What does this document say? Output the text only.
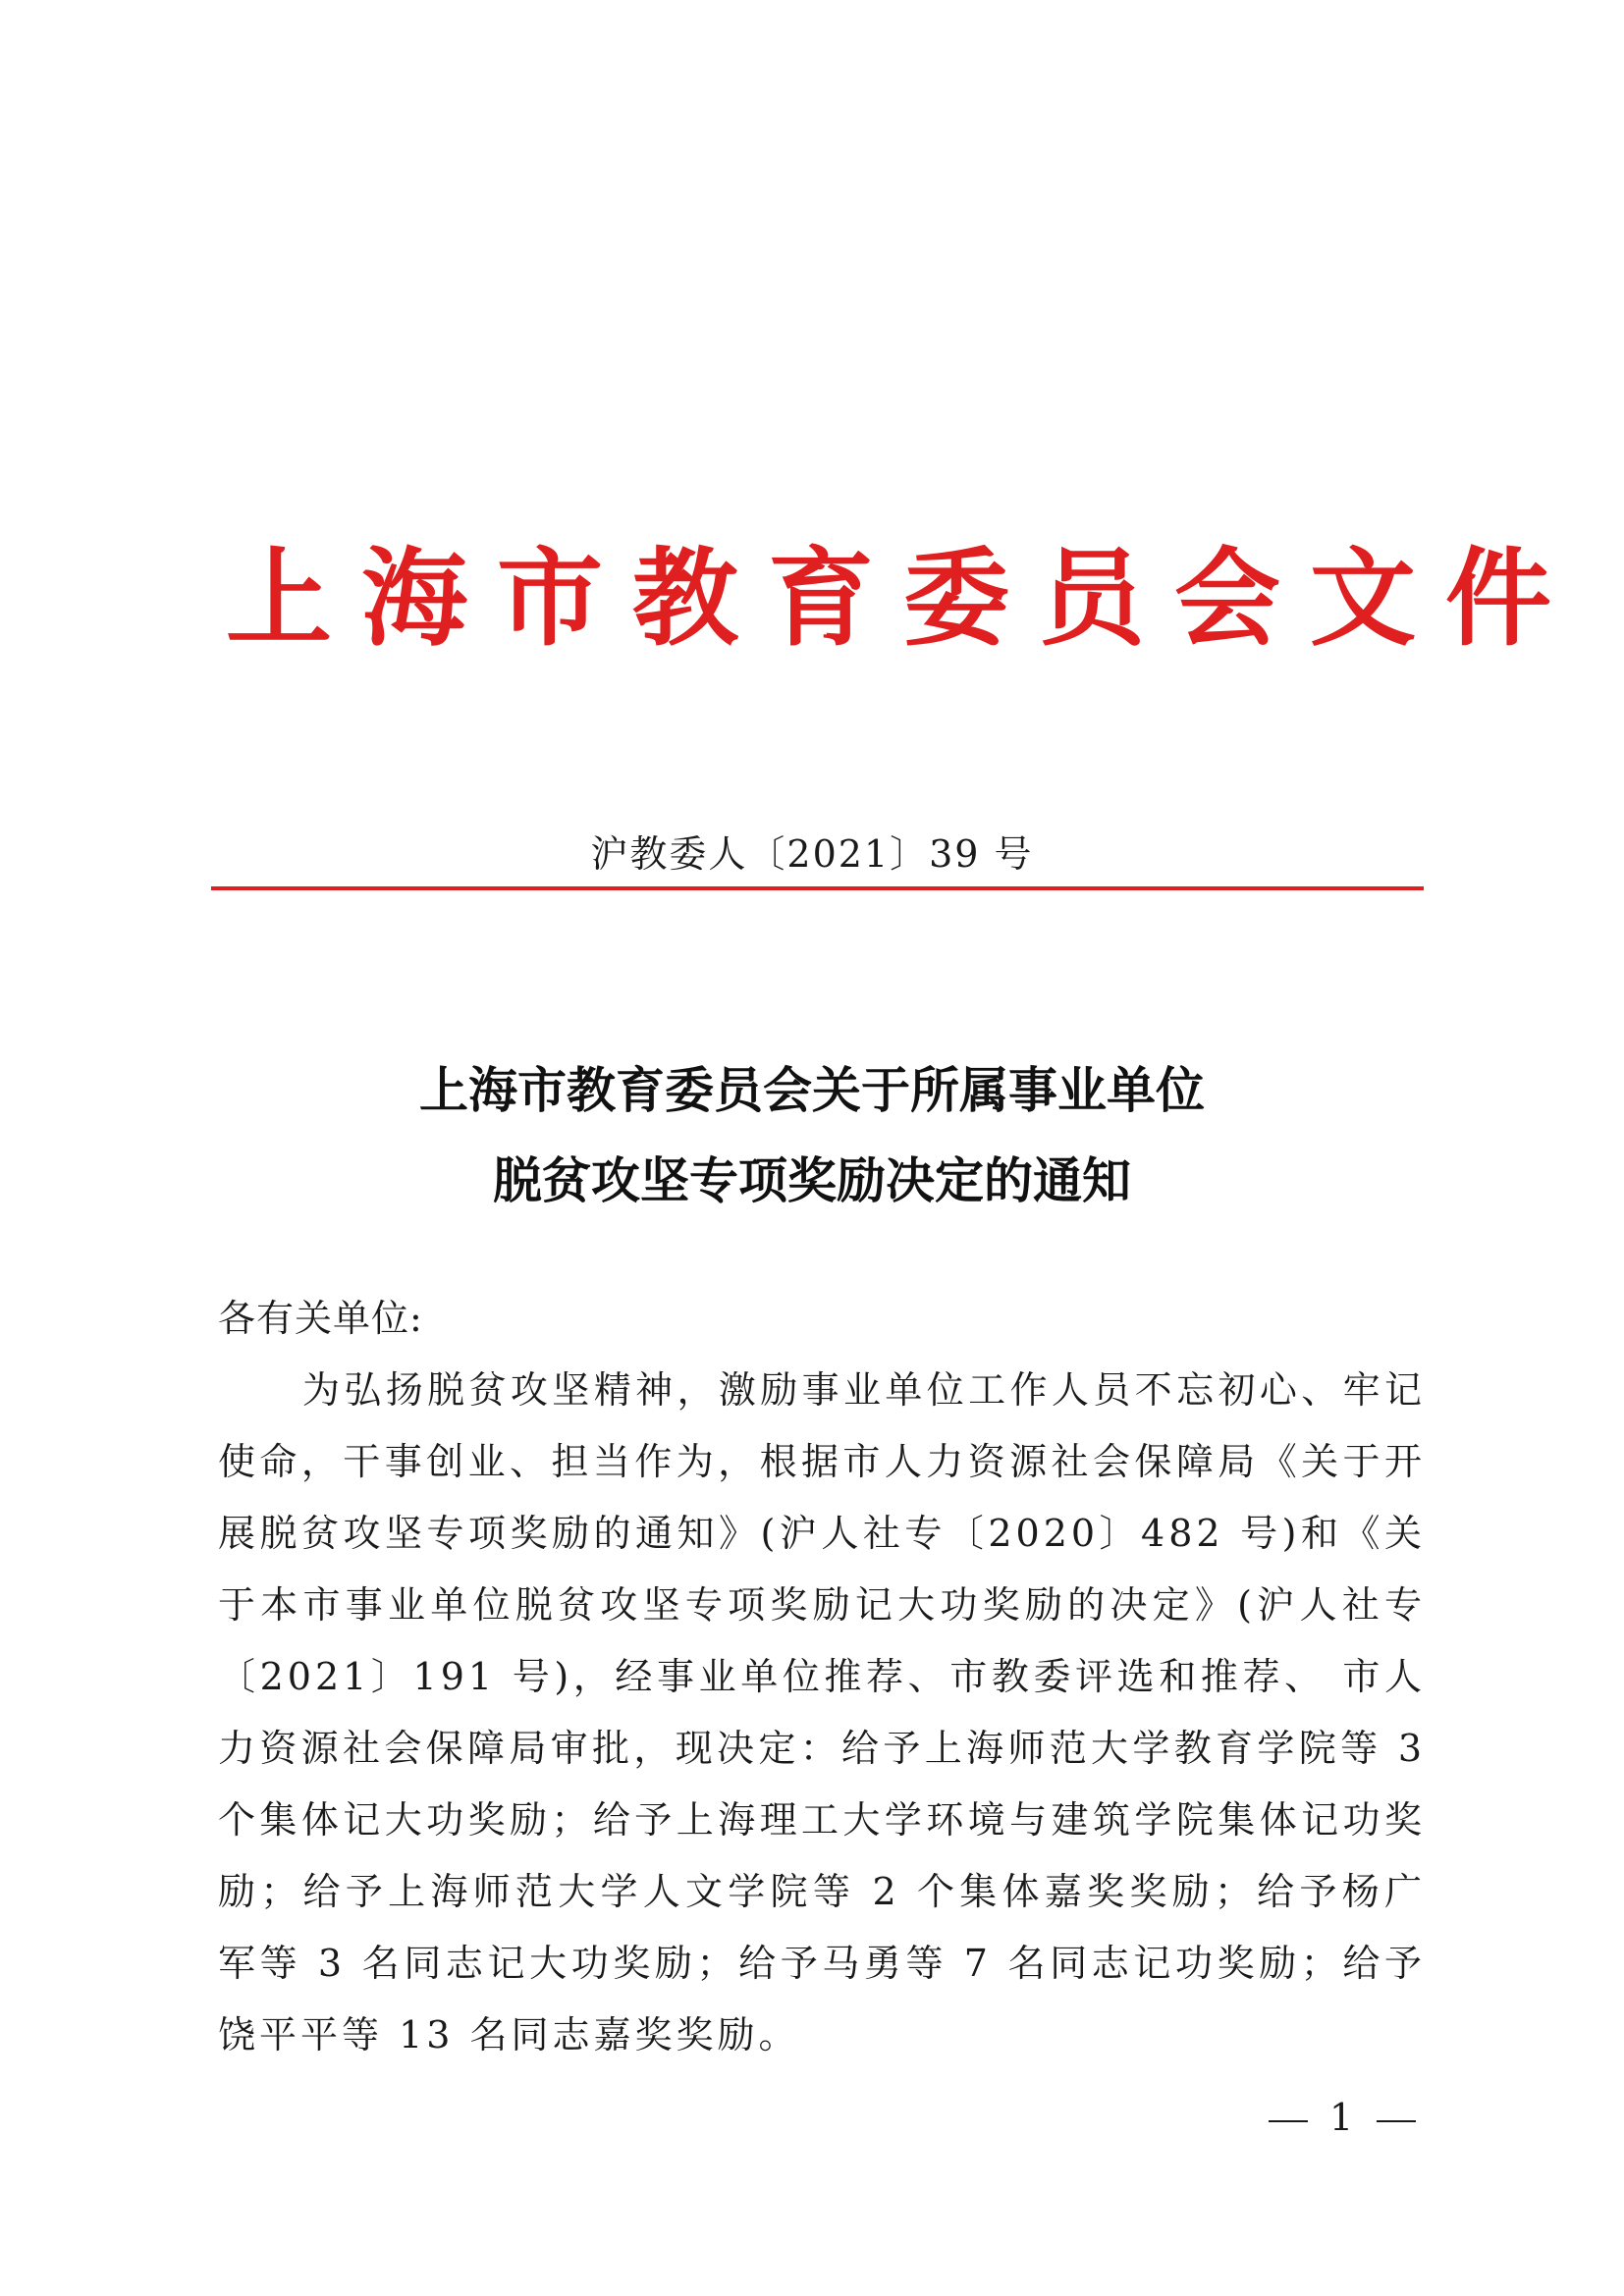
上海市教育委员会文件
沪教委人〔2021〕39 号
上海市教育委员会关于所属事业单位
脱贫攻坚专项奖励决定的通知
各有关单位:
为弘扬脱贫攻坚精神，激励事业单位工作人员不忘初心、牢记使命，干事创业、担当作为，根据市人力资源社会保障局《关于开展脱贫攻坚专项奖励的通知》(沪人社专〔2020〕482 号)和《关于本市事业单位脱贫攻坚专项奖励记大功奖励的决定》(沪人社专〔2021〕191 号)，经事业单位推荐、市教委评选和推荐、 市人力资源社会保障局审批，现决定：给予上海师范大学教育学院等 3 个集体记大功奖励；给予上海理工大学环境与建筑学院集体记功奖励；给予上海师范大学人文学院等 2 个集体嘉奖奖励；给予杨广军等 3 名同志记大功奖励；给予马勇等 7 名同志记功奖励；给予饶平平等 13 名同志嘉奖奖励。
1
